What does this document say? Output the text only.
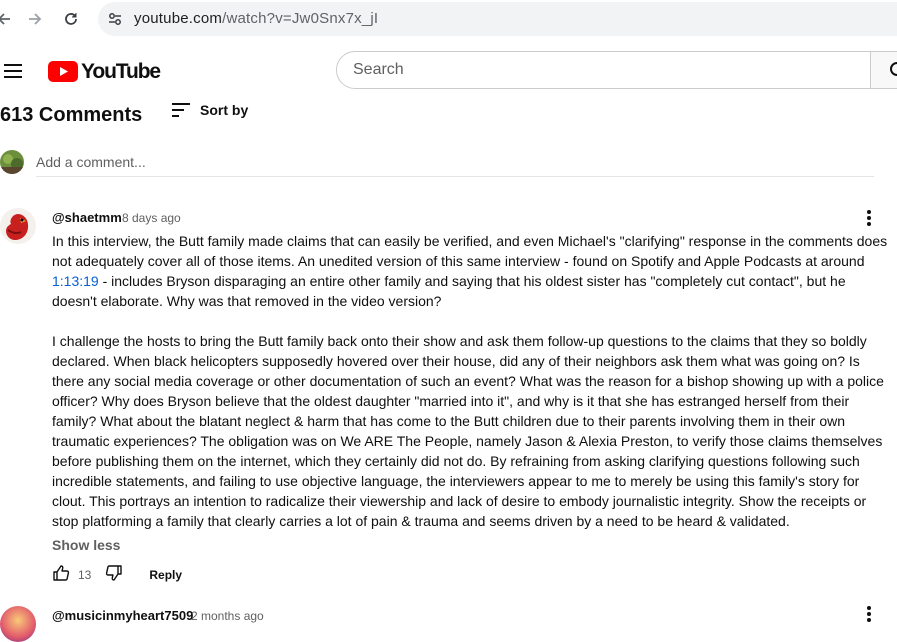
youtube.com/watch?v=Jw0Snx7x_jI
YouTube
Search
613 Comments	Sort by
Add a comment...
@shaetmm 8 days ago

In this interview, the Butt family made claims that can easily be verified, and even Michael's "clarifying" response in the comments does not adequately cover all of those items. An unedited version of this same interview - found on Spotify and Apple Podcasts at around 1:13:19 - includes Bryson disparaging an entire other family and saying that his oldest sister has "completely cut contact", but he doesn't elaborate. Why was that removed in the video version?

I challenge the hosts to bring the Butt family back onto their show and ask them follow-up questions to the claims that they so boldly declared. When black helicopters supposedly hovered over their house, did any of their neighbors ask them what was going on? Is there any social media coverage or other documentation of such an event? What was the reason for a bishop showing up with a police officer? Why does Bryson believe that the oldest daughter "married into it", and why is it that she has estranged herself from their family? What about the blatant neglect & harm that has come to the Butt children due to their parents involving them in their own traumatic experiences? The obligation was on We ARE The People, namely Jason & Alexia Preston, to verify those claims themselves before publishing them on the internet, which they certainly did not do. By refraining from asking clarifying questions following such incredible statements, and failing to use objective language, the interviewers appear to me to merely be using this family's story for clout. This portrays an intention to radicalize their viewership and lack of desire to embody journalistic integrity. Show the receipts or stop platforming a family that clearly carries a lot of pain & trauma and seems driven by a need to be heard & validated.

Show less
13	Reply
@musicinmyheart7509
2 months ago
